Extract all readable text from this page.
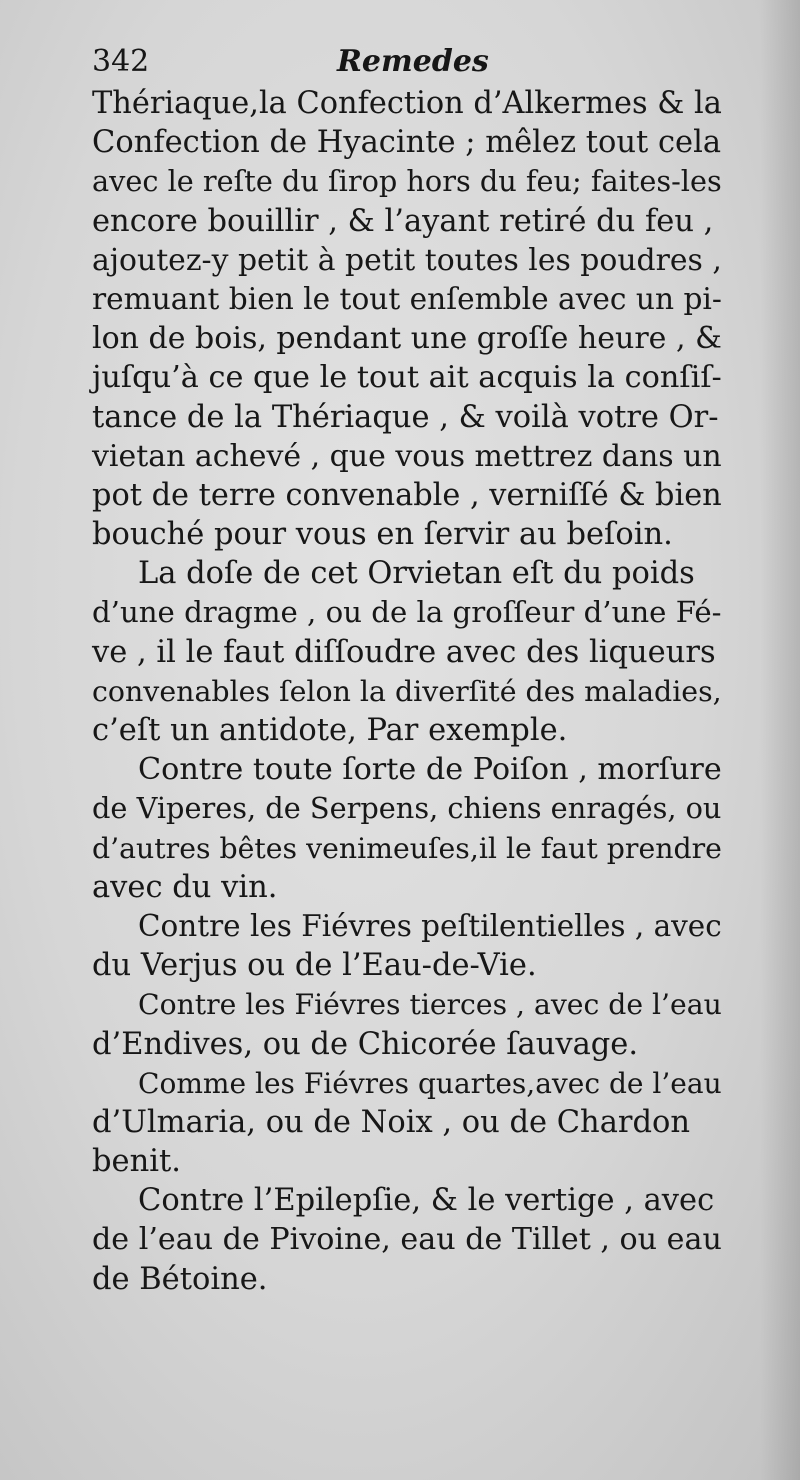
342	Remedes
Thériaque,la Confection d’Alkermes & la
Confection de Hyacinte ; mêlez tout cela
avec le reſte du ſirop hors du feu; faites-les
encore bouillir , & l’ayant retiré du feu ,
ajoutez-y petit à petit toutes les poudres ,
remuant bien le tout enſemble avec un pi-
lon de bois, pendant une groſſe heure , &
juſqu’à ce que le tout ait acquis la conſiſ-
tance de la Thériaque , & voilà votre Or-
vietan achevé , que vous mettrez dans un
pot de terre convenable , verniſſé & bien
bouché pour vous en ſervir au beſoin.
La doſe de cet Orvietan eſt du poids
d’une dragme , ou de la groſſeur d’une Fé-
ve , il le faut diſſoudre avec des liqueurs
convenables ſelon la diverſité des maladies,
c’eſt un antidote, Par exemple.
Contre toute ſorte de Poiſon , morſure
de Viperes, de Serpens, chiens enragés, ou
d’autres bêtes venimeuſes,il le faut prendre
avec du vin.
Contre les Fiévres peſtilentielles , avec
du Verjus ou de l’Eau-de-Vie.
Contre les Fiévres tierces , avec de l’eau
d’Endives, ou de Chicorée ſauvage.
Comme les Fiévres quartes,avec de l’eau
d’Ulmaria, ou de Noix , ou de Chardon
benit.
Contre l’Epilepſie, & le vertige , avec
de l’eau de Pivoine, eau de Tillet , ou eau
de Bétoine.
